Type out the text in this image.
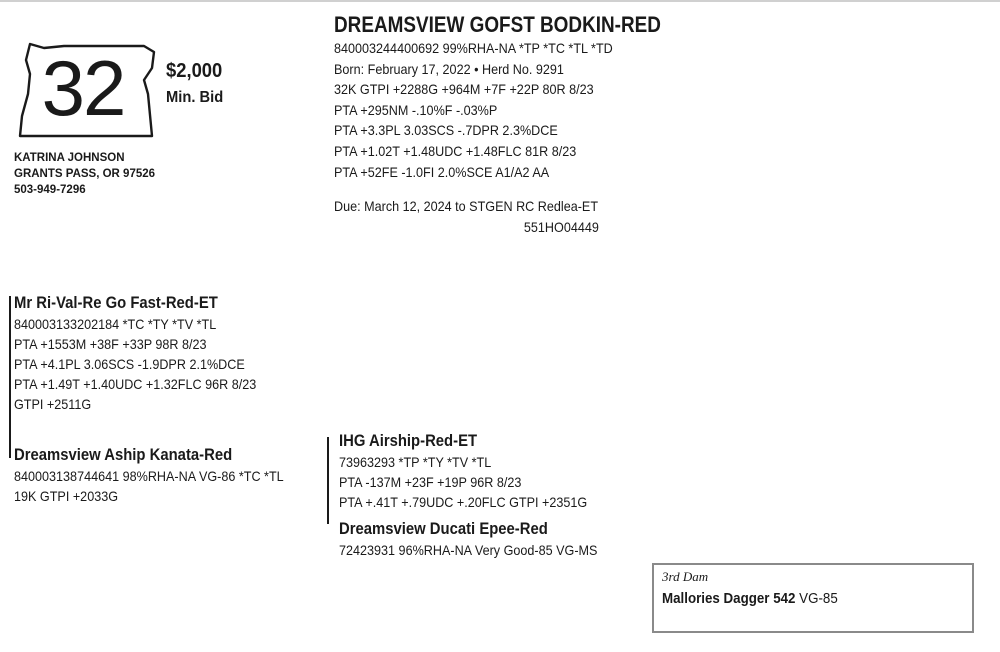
32	$2,000
Min. Bid
KATRINA JOHNSON
GRANTS PASS, OR 97526
503-949-7296
DREAMSVIEW GOFST BODKIN-RED
840003244400692 99%RHA-NA *TP *TC *TL *TD
Born: February 17, 2022 • Herd No. 9291
32K GTPI +2288G +964M +7F +22P 80R 8/23
PTA +295NM -.10%F -.03%P
PTA +3.3PL 3.03SCS -.7DPR 2.3%DCE
PTA +1.02T +1.48UDC +1.48FLC 81R 8/23
PTA +52FE -1.0FI 2.0%SCE A1/A2 AA
Due: March 12, 2024 to STGEN RC Redlea-ET
551HO04449
Mr Ri-Val-Re Go Fast-Red-ET
840003133202184 *TC *TY *TV *TL
PTA +1553M +38F +33P 98R 8/23
PTA +4.1PL 3.06SCS -1.9DPR 2.1%DCE
PTA +1.49T +1.40UDC +1.32FLC 96R 8/23
GTPI +2511G
Dreamsview Aship Kanata-Red
840003138744641 98%RHA-NA VG-86 *TC *TL
19K GTPI +2033G
IHG Airship-Red-ET
73963293 *TP *TY *TV *TL
PTA -137M +23F +19P 96R 8/23
PTA +.41T +.79UDC +.20FLC GTPI +2351G
Dreamsview Ducati Epee-Red
72423931 96%RHA-NA Very Good-85 VG-MS
3rd Dam
Mallories Dagger 542 VG-85
